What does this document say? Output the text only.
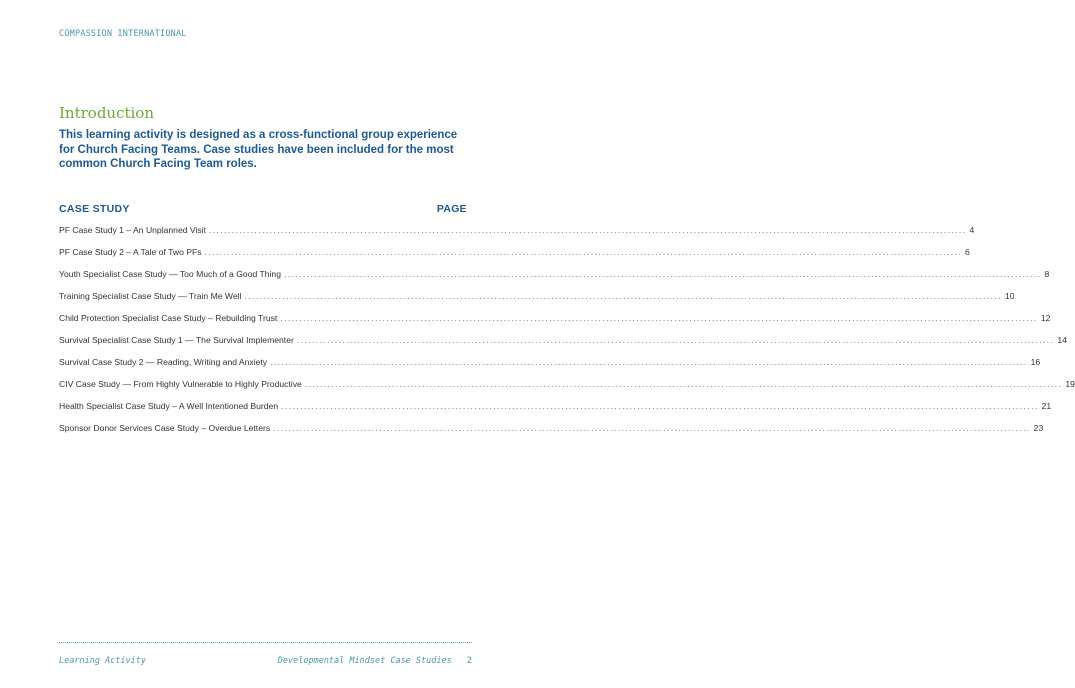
COMPASSION INTERNATIONAL
Introduction
This learning activity is designed as a cross-functional group experience for Church Facing Teams. Case studies have been included for the most common Church Facing Team roles.
CASE STUDY	PAGE
PF Case Study 1 – An Unplanned Visit ........................................................................................................................................................................................................ 4
PF Case Study 2 – A Tale of Two PFs ........................................................................................................................................................................................................ 6
Youth Specialist Case Study — Too Much of a Good Thing ........................................................................................................................................................................................................ 8
Training Specialist Case Study — Train Me Well ........................................................................................................................................................................................................ 10
Child Protection Specialist Case Study – Rebuilding Trust ........................................................................................................................................................................................................ 12
Survival Specialist Case Study 1 — The Survival Implementer ........................................................................................................................................................................................................ 14
Survival Case Study 2 — Reading, Writing and Anxiety ........................................................................................................................................................................................................ 16
CIV Case Study — From Highly Vulnerable to Highly Productive ........................................................................................................................................................................................................ 19
Health Specialist Case Study – A Well Intentioned Burden ........................................................................................................................................................................................................ 21
Sponsor Donor Services Case Study – Overdue Letters ........................................................................................................................................................................................................ 23
Learning Activity	Developmental Mindset Case Studies 2
